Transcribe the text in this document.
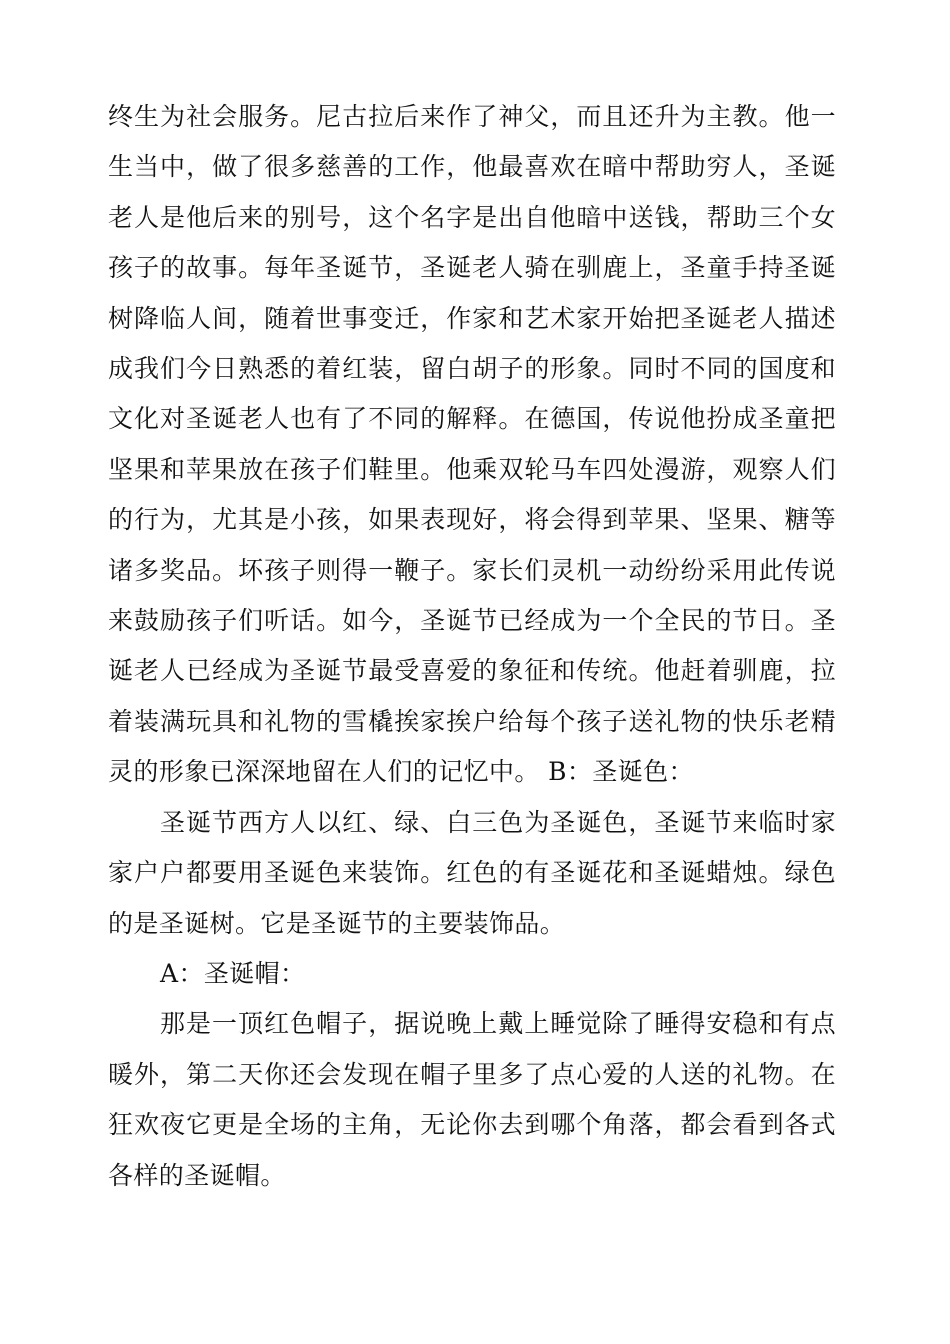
终生为社会服务。尼古拉后来作了神父，而且还升为主教。他一生当中，做了很多慈善的工作，他最喜欢在暗中帮助穷人，圣诞老人是他后来的别号，这个名字是出自他暗中送钱，帮助三个女孩子的故事。每年圣诞节，圣诞老人骑在驯鹿上，圣童手持圣诞树降临人间，随着世事变迁，作家和艺术家开始把圣诞老人描述成我们今日熟悉的着红装，留白胡子的形象。同时不同的国度和文化对圣诞老人也有了不同的解释。在德国，传说他扮成圣童把坚果和苹果放在孩子们鞋里。他乘双轮马车四处漫游，观察人们的行为，尤其是小孩，如果表现好，将会得到苹果、坚果、糖等诸多奖品。坏孩子则得一鞭子。家长们灵机一动纷纷采用此传说来鼓励孩子们听话。如今，圣诞节已经成为一个全民的节日。圣诞老人已经成为圣诞节最受喜爱的象征和传统。他赶着驯鹿，拉着装满玩具和礼物的雪橇挨家挨户给每个孩子送礼物的快乐老精灵的形象已深深地留在人们的记忆中。 B：圣诞色：

圣诞节西方人以红、绿、白三色为圣诞色，圣诞节来临时家家户户都要用圣诞色来装饰。红色的有圣诞花和圣诞蜡烛。绿色的是圣诞树。它是圣诞节的主要装饰品。

A：圣诞帽：

那是一顶红色帽子，据说晚上戴上睡觉除了睡得安稳和有点暖外，第二天你还会发现在帽子里多了点心爱的人送的礼物。在狂欢夜它更是全场的主角，无论你去到哪个角落，都会看到各式各样的圣诞帽。
